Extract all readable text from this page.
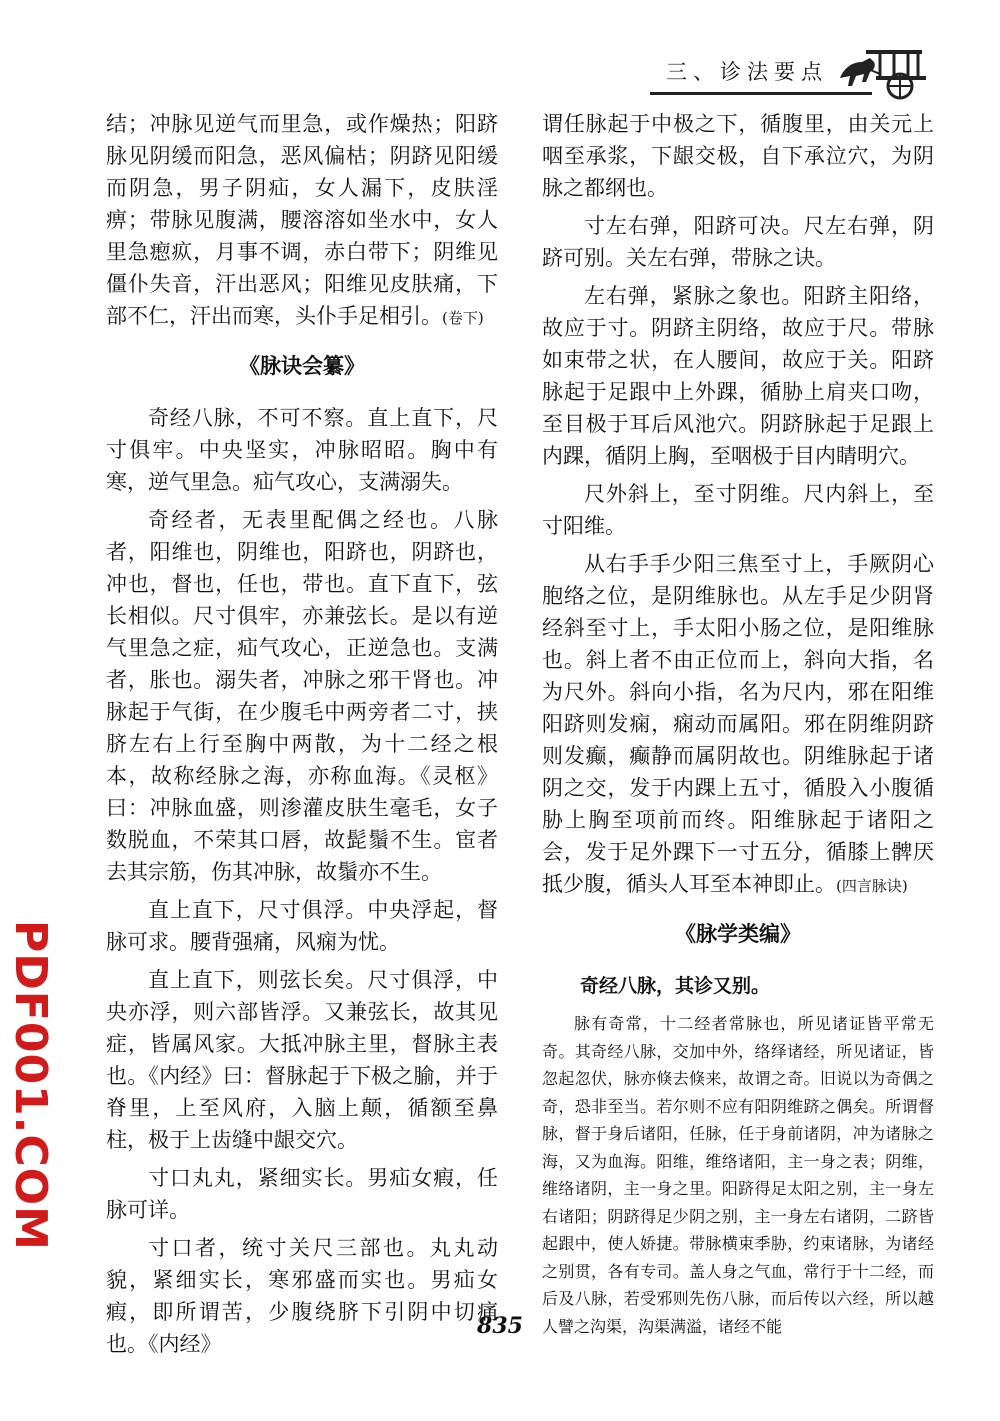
三、诊法要点
PDF001.COM

结；冲脉见逆气而里急，或作燥热；阳跻脉见阴缓而阳急，恶风偏枯；阴跻见阳缓而阴急，男子阴疝，女人漏下，皮肤淫痹；带脉见腹满，腰溶溶如坐水中，女人里急瘛疭，月事不调，赤白带下；阴维见僵仆失音，汗出恶风；阳维见皮肤痛，下部不仁，汗出而寒，头仆手足相引。(卷下)

《脉诀会纂》

奇经八脉，不可不察。直上直下，尺寸俱牢。中央坚实，冲脉昭昭。胸中有寒，逆气里急。疝气攻心，支满溺失。

奇经者，无表里配偶之经也。八脉者，阳维也，阴维也，阳跻也，阴跻也，冲也，督也，任也，带也。直下直下，弦长相似。尺寸俱牢，亦兼弦长。是以有逆气里急之症，疝气攻心，正逆急也。支满者，胀也。溺失者，冲脉之邪干肾也。冲脉起于气街，在少腹毛中两旁者二寸，挟脐左右上行至胸中两散，为十二经之根本，故称经脉之海，亦称血海。《灵枢》曰：冲脉血盛，则渗灌皮肤生毫毛，女子数脱血，不荣其口唇，故髭鬚不生。宦者去其宗筋，伤其冲脉，故鬚亦不生。

直上直下，尺寸俱浮。中央浮起，督脉可求。腰背强痛，风痫为忧。

直上直下，则弦长矣。尺寸俱浮，中央亦浮，则六部皆浮。又兼弦长，故其见症，皆属风家。大抵冲脉主里，督脉主表也。《内经》曰：督脉起于下极之腧，并于脊里，上至风府，入脑上颠，循额至鼻柱，极于上齿缝中龈交穴。

寸口丸丸，紧细实长。男疝女瘕，任脉可详。

寸口者，统寸关尺三部也。丸丸动貌，紧细实长，寒邪盛而实也。男疝女瘕，即所谓苦，少腹绕脐下引阴中切痛也。《内经》

谓任脉起于中极之下，循腹里，由关元上咽至承浆，下龈交极，自下承泣穴，为阴脉之都纲也。

寸左右弹，阳跻可决。尺左右弹，阴跻可别。关左右弹，带脉之诀。

左右弹，紧脉之象也。阳跻主阳络，故应于寸。阴跻主阴络，故应于尺。带脉如束带之状，在人腰间，故应于关。阳跻脉起于足跟中上外踝，循胁上肩夹口吻，至目极于耳后风池穴。阴跻脉起于足跟上内踝，循阴上胸，至咽极于目内睛明穴。

尺外斜上，至寸阴维。尺内斜上，至寸阳维。

从右手手少阳三焦至寸上，手厥阴心胞络之位，是阴维脉也。从左手足少阴肾经斜至寸上，手太阳小肠之位，是阳维脉也。斜上者不由正位而上，斜向大指，名为尺外。斜向小指，名为尺内，邪在阳维阳跻则发痫，痫动而属阳。邪在阴维阴跻则发癫，癫静而属阴故也。阴维脉起于诸阴之交，发于内踝上五寸，循股入小腹循胁上胸至项前而终。阳维脉起于诸阳之会，发于足外踝下一寸五分，循膝上髀厌抵少腹，循头人耳至本神即止。(四言脉诀)

《脉学类编》

奇经八脉，其诊又别。

脉有奇常，十二经者常脉也，所见诸证皆平常无奇。其奇经八脉，交加中外，络绎诸经，所见诸证，皆忽起忽伏，脉亦倏去倏来，故谓之奇。旧说以为奇偶之奇，恐非至当。若尔则不应有阳阴维跻之偶矣。所谓督脉，督于身后诸阳，任脉，任于身前诸阴，冲为诸脉之海，又为血海。阳维，维络诸阳，主一身之表；阴维，维络诸阴，主一身之里。阳跻得足太阳之别，主一身左右诸阳；阴跻得足少阴之别，主一身左右诸阴，二跻皆起跟中，使人娇捷。带脉横束季胁，约束诸脉，为诸经之别贯，各有专司。盖人身之气血，常行于十二经，而后及八脉，若受邪则先伤八脉，而后传以六经，所以越人譬之沟渠，沟渠满溢，诸经不能

835
